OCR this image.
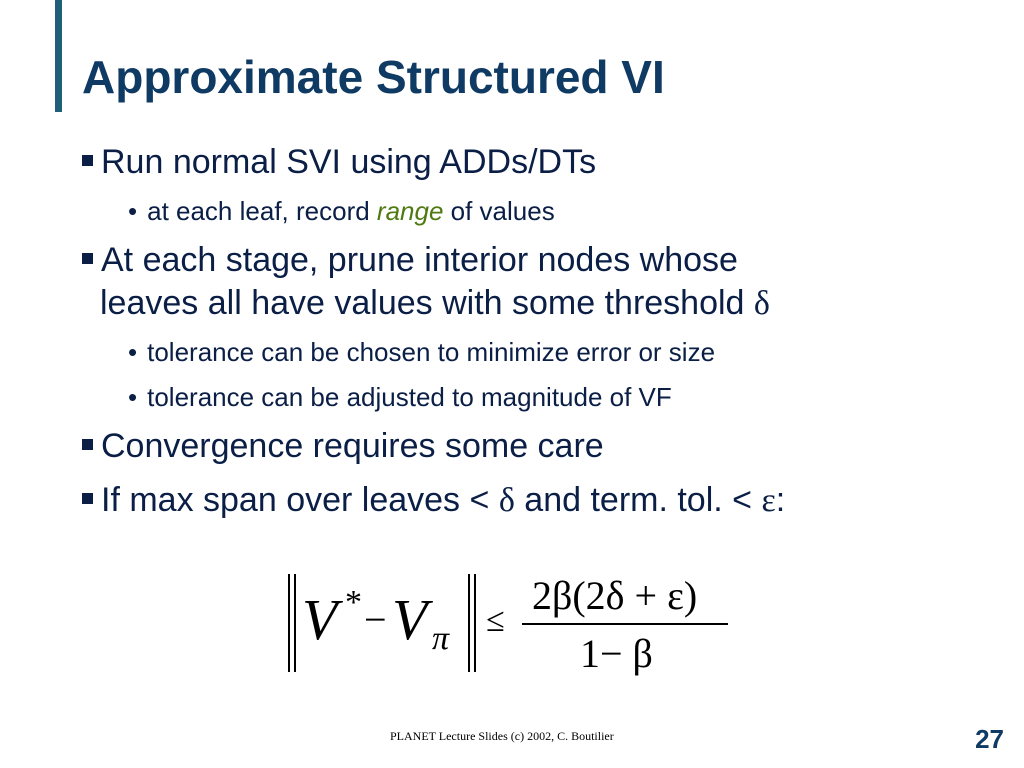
Approximate Structured VI
Run normal SVI using ADDs/DTs
• at each leaf, record range of values
At each stage, prune interior nodes whose
leaves all have values with some threshold δ
• tolerance can be chosen to minimize error or size
• tolerance can be adjusted to magnitude of VF
Convergence requires some care
If max span over leaves < δ and term. tol. < ε:
V * − V π ≤
2β(2δ + ε)
1− β
PLANET Lecture Slides (c) 2002, C. Boutilier	27
